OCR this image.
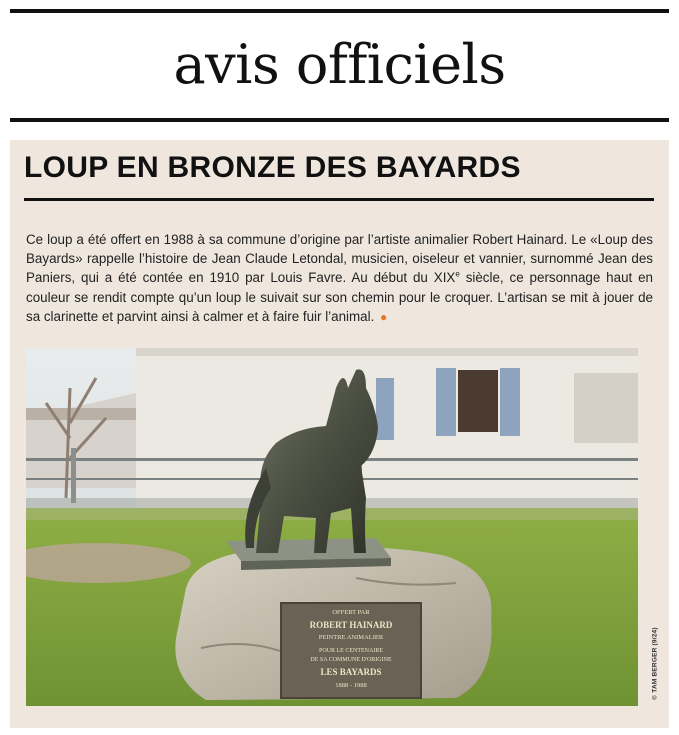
avis officiels
LOUP EN BRONZE DES BAYARDS
Ce loup a été offert en 1988 à sa commune d’origine par l’artiste animalier Robert Hainard. Le «Loup des Bayards» rappelle l’histoire de Jean Claude Letondal, musicien, oiseleur et vannier, surnommé Jean des Paniers, qui a été contée en 1910 par Louis Favre. Au début du XIXe siècle, ce personnage haut en couleur se rendit compte qu’un loup le suivait sur son chemin pour le croquer. L’artisan se mit à jouer de sa clarinette et parvint ainsi à calmer et à faire fuir l’animal. ●
OFFERT PAR
ROBERT HAINARD
PEINTRE ANIMALIER
POUR LE CENTENAIRE
DE SA COMMUNE D'ORIGINE
LES BAYARDS
1888 - 1988	© TAM BERGER (9/24)
